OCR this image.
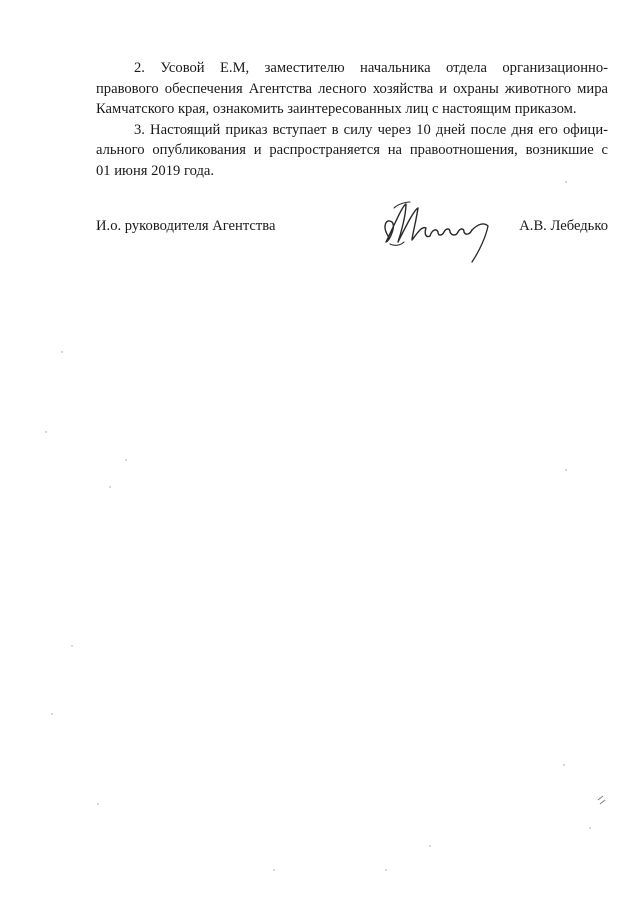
2. Усовой Е.М, заместителю начальника отдела организационно-
правового обеспечения Агентства лесного хозяйства и охраны животного мира
Камчатского края, ознакомить заинтересованных лиц с настоящим приказом.

3. Настоящий приказ вступает в силу через 10 дней после дня его офици-
ального опубликования и распространяется на правоотношения, возникшие с
01 июня 2019 года.

И.о. руководителя Агентства	А.В. Лебедько
